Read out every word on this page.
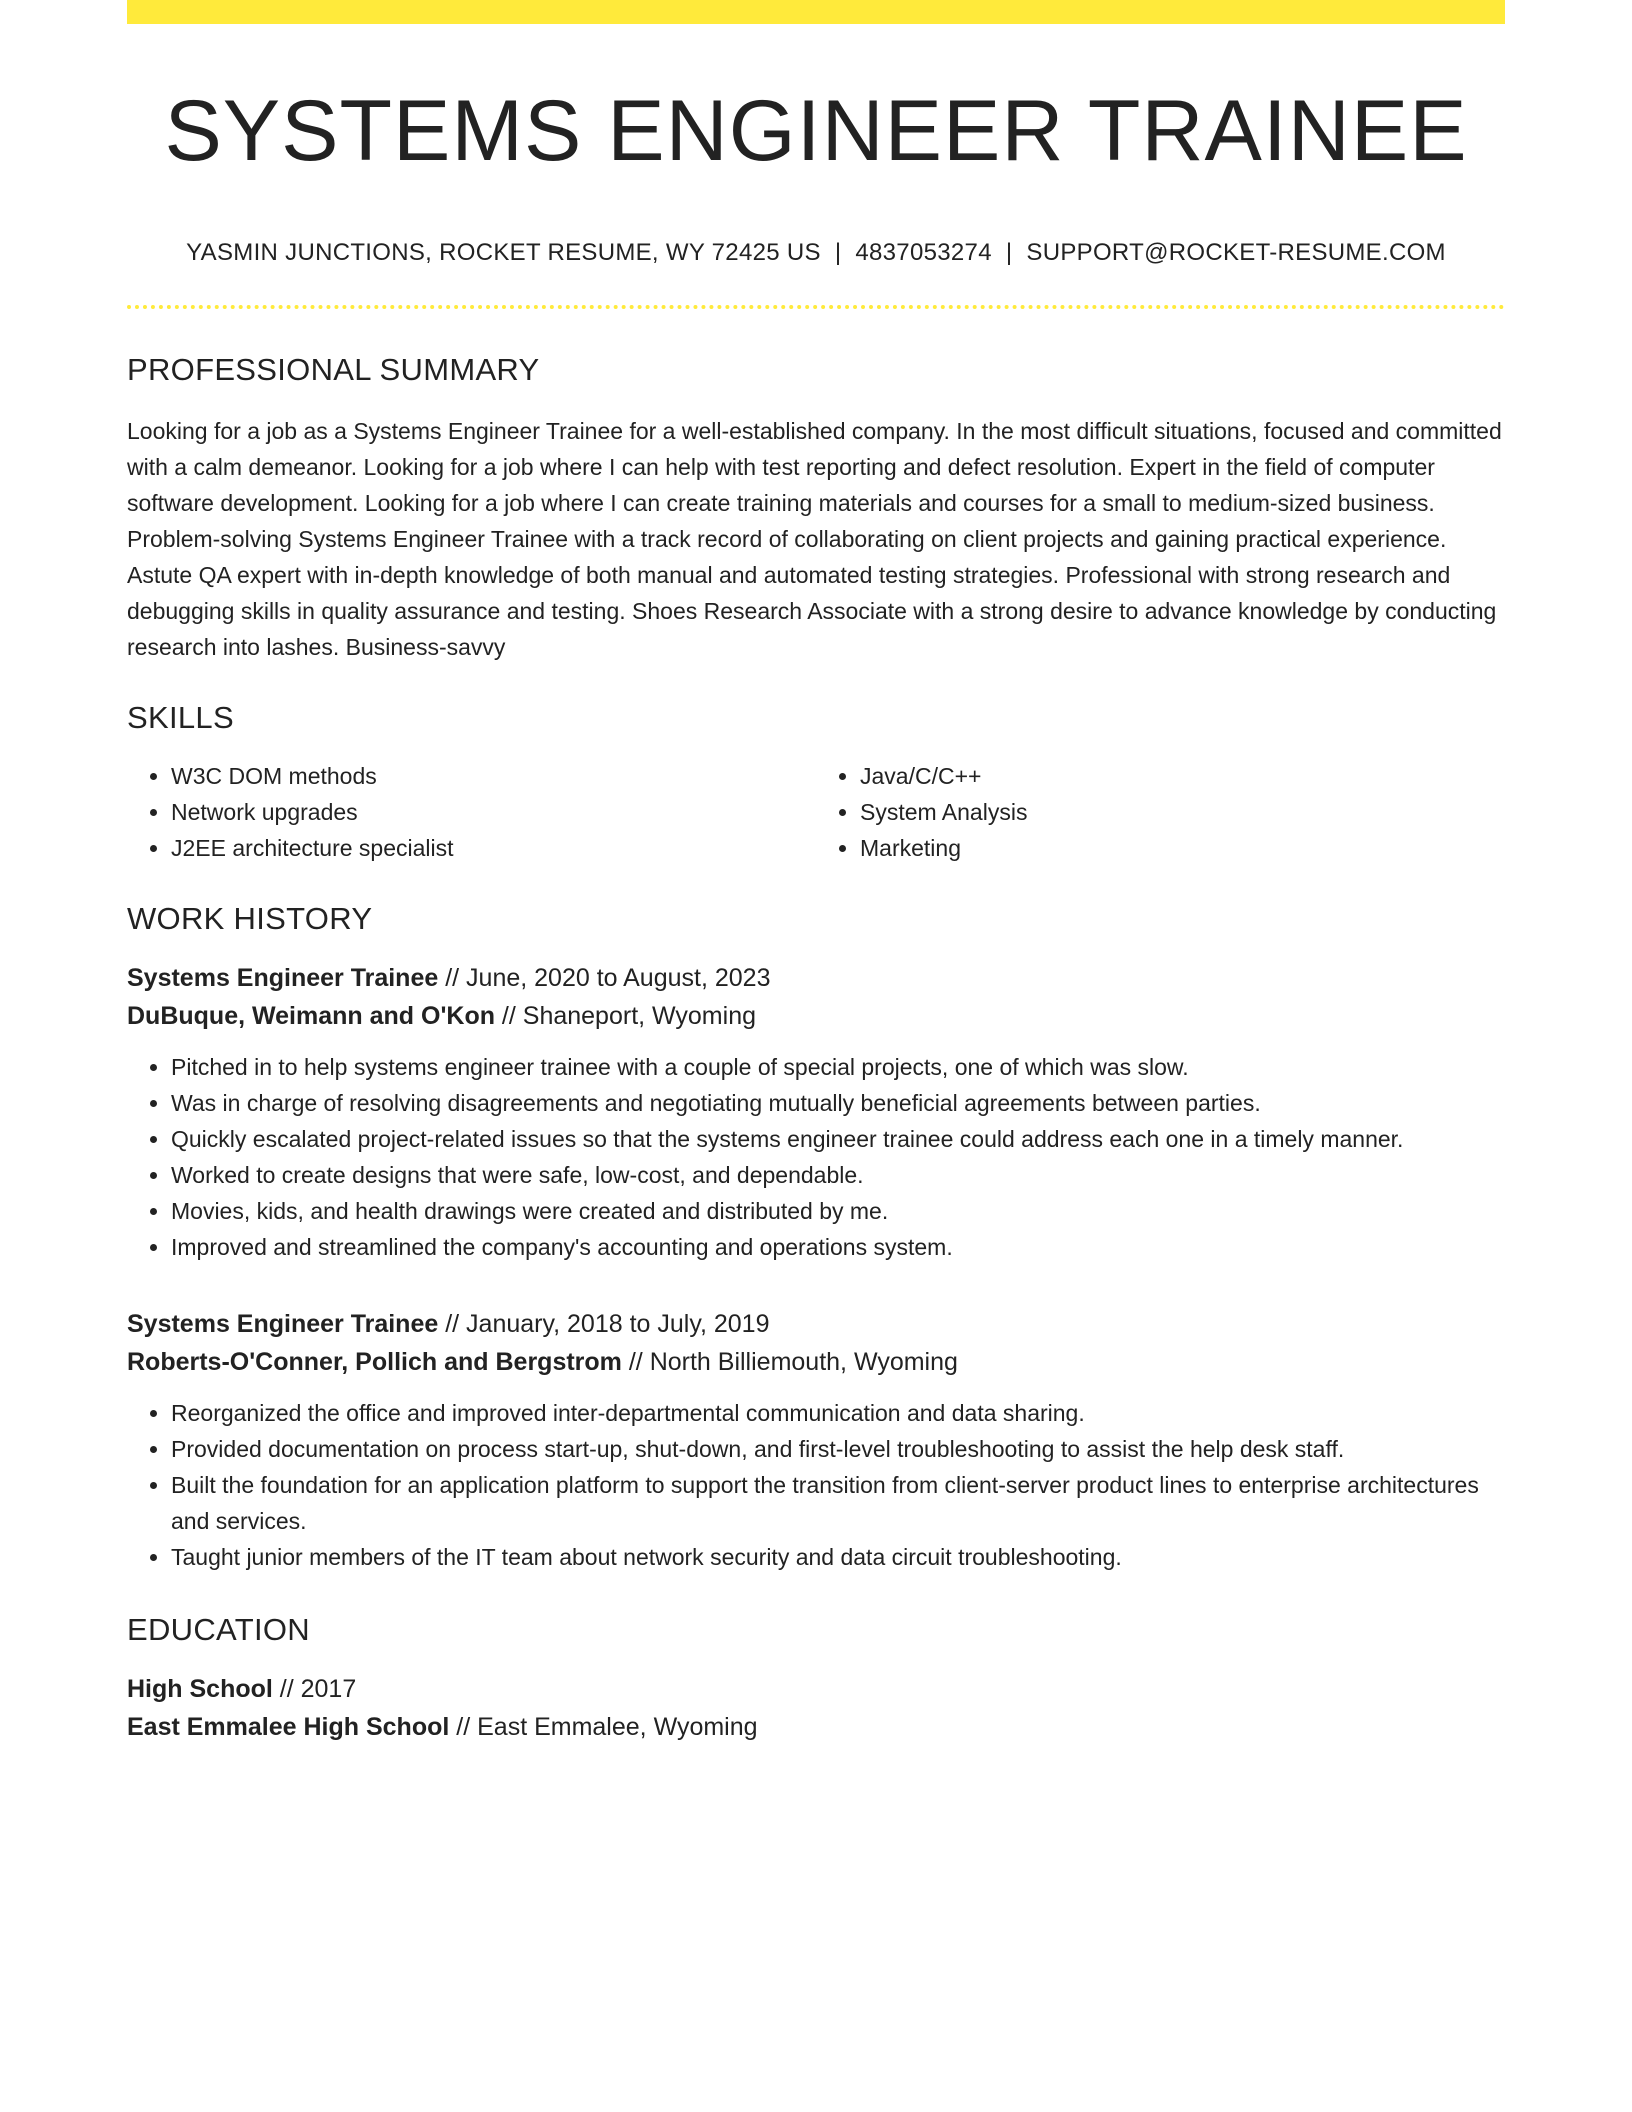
SYSTEMS ENGINEER TRAINEE
YASMIN JUNCTIONS, ROCKET RESUME, WY 72425 US | 4837053274 | SUPPORT@ROCKET-RESUME.COM
PROFESSIONAL SUMMARY
Looking for a job as a Systems Engineer Trainee for a well-established company. In the most difficult situations, focused and committed with a calm demeanor. Looking for a job where I can help with test reporting and defect resolution. Expert in the field of computer software development. Looking for a job where I can create training materials and courses for a small to medium-sized business. Problem-solving Systems Engineer Trainee with a track record of collaborating on client projects and gaining practical experience. Astute QA expert with in-depth knowledge of both manual and automated testing strategies. Professional with strong research and debugging skills in quality assurance and testing. Shoes Research Associate with a strong desire to advance knowledge by conducting research into lashes. Business-savvy
SKILLS
• W3C DOM methods
• Network upgrades
• J2EE architecture specialist
• Java/C/C++
• System Analysis
• Marketing
WORK HISTORY
Systems Engineer Trainee // June, 2020 to August, 2023
DuBuque, Weimann and O'Kon // Shaneport, Wyoming
• Pitched in to help systems engineer trainee with a couple of special projects, one of which was slow.
• Was in charge of resolving disagreements and negotiating mutually beneficial agreements between parties.
• Quickly escalated project-related issues so that the systems engineer trainee could address each one in a timely manner.
• Worked to create designs that were safe, low-cost, and dependable.
• Movies, kids, and health drawings were created and distributed by me.
• Improved and streamlined the company's accounting and operations system.
Systems Engineer Trainee // January, 2018 to July, 2019
Roberts-O'Conner, Pollich and Bergstrom // North Billiemouth, Wyoming
• Reorganized the office and improved inter-departmental communication and data sharing.
• Provided documentation on process start-up, shut-down, and first-level troubleshooting to assist the help desk staff.
• Built the foundation for an application platform to support the transition from client-server product lines to enterprise architectures and services.
• Taught junior members of the IT team about network security and data circuit troubleshooting.
EDUCATION
High School // 2017
East Emmalee High School // East Emmalee, Wyoming
